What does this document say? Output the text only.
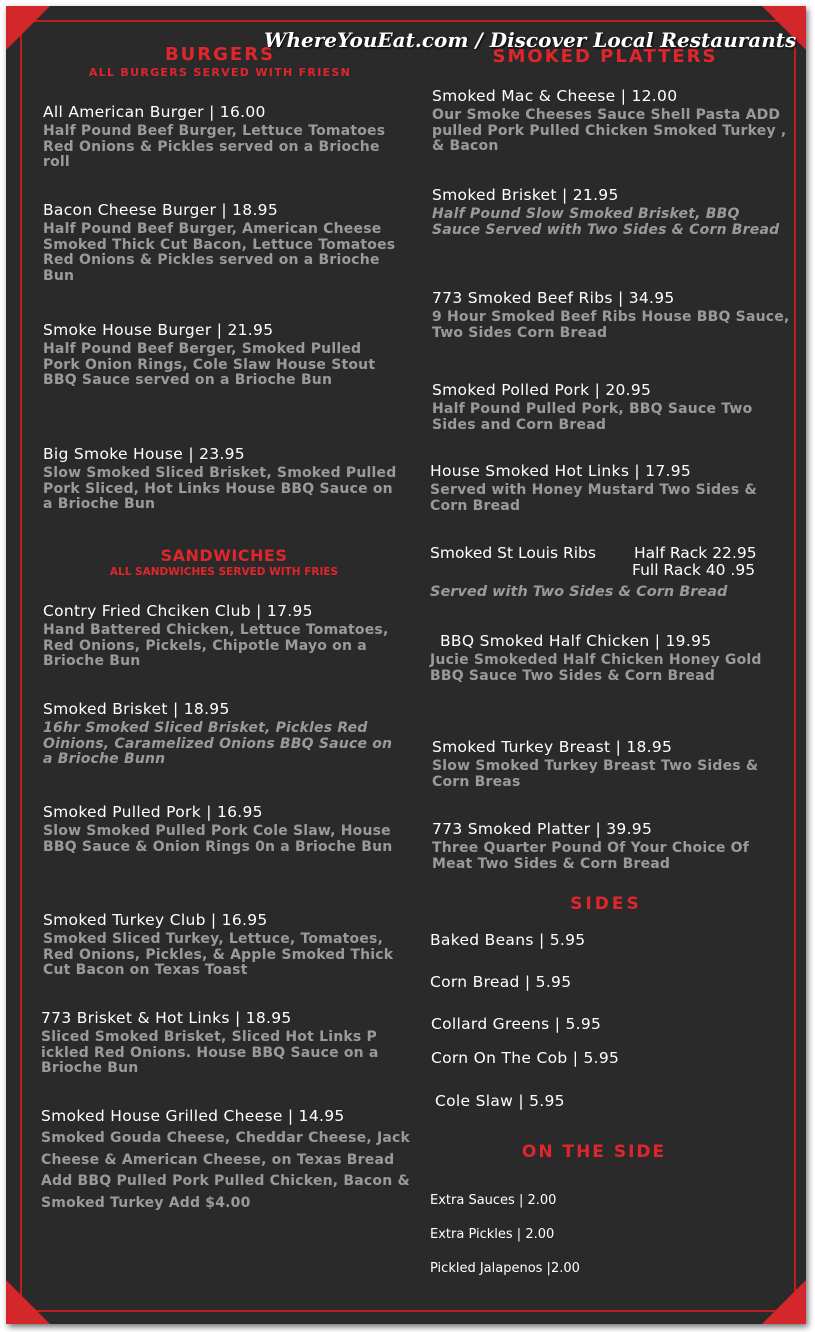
WhereYouEat.com / Discover Local Restaurants
BURGERS
ALL BURGERS SERVED WITH FRIESN
All American Burger | 16.00
Half Pound Beef Burger, Lettuce Tomatoes Red Onions & Pickles served on a Brioche roll
Bacon Cheese Burger | 18.95
Half Pound Beef Burger, American Cheese Smoked Thick Cut Bacon, Lettuce Tomatoes Red Onions & Pickles served on a Brioche Bun
Smoke House Burger | 21.95
Half Pound Beef Berger, Smoked Pulled Pork Onion Rings, Cole Slaw House Stout BBQ Sauce served on a Brioche Bun
Big Smoke House | 23.95
Slow Smoked Sliced Brisket, Smoked Pulled Pork Sliced, Hot Links House BBQ Sauce on a Brioche Bun
SANDWICHES
ALL SANDWICHES SERVED WITH FRIES
Contry Fried Chciken Club | 17.95
Hand Battered Chicken, Lettuce Tomatoes, Red Onions, Pickels, Chipotle Mayo on a Brioche Bun
Smoked Brisket | 18.95
16hr Smoked Sliced Brisket, Pickles Red Oinions, Caramelized Onions BBQ Sauce on a Brioche Bunn
Smoked Pulled Pork | 16.95
Slow Smoked Pulled Pork Cole Slaw, House BBQ Sauce & Onion Rings 0n a Brioche Bun
Smoked Turkey Club | 16.95
Smoked Sliced Turkey, Lettuce, Tomatoes, Red Onions, Pickles, & Apple Smoked Thick Cut Bacon on Texas Toast
773 Brisket & Hot Links | 18.95
Sliced Smoked Brisket, Sliced Hot Links P ickled Red Onions. House BBQ Sauce on a Brioche Bun
Smoked House Grilled Cheese | 14.95
Smoked Gouda Cheese, Cheddar Cheese, Jack Cheese & American Cheese, on Texas Bread
Add BBQ Pulled Pork Pulled Chicken, Bacon & Smoked Turkey Add $4.00
SMOKED PLATTERS
Smoked Mac & Cheese | 12.00
Our Smoke Cheeses Sauce Shell Pasta ADD pulled Pork Pulled Chicken Smoked Turkey , & Bacon
Smoked Brisket | 21.95
Half Pound Slow Smoked Brisket, BBQ Sauce Served with Two Sides & Corn Bread
773 Smoked Beef Ribs | 34.95
9 Hour Smoked Beef Ribs House BBQ Sauce, Two Sides Corn Bread
Smoked Polled Pork | 20.95
Half Pound Pulled Pork, BBQ Sauce Two Sides and Corn Bread
House Smoked Hot Links | 17.95
Served with Honey Mustard Two Sides & Corn Bread
Smoked St Louis Ribs Half Rack 22.95
Full Rack 40 .95
Served with Two Sides & Corn Bread
BBQ Smoked Half Chicken | 19.95
Jucie Smokeded Half Chicken Honey Gold BBQ Sauce Two Sides & Corn Bread
Smoked Turkey Breast | 18.95
Slow Smoked Turkey Breast Two Sides & Corn Breas
773 Smoked Platter | 39.95
Three Quarter Pound Of Your Choice Of Meat Two Sides & Corn Bread
SIDES
Baked Beans | 5.95
Corn Bread | 5.95
Collard Greens | 5.95
Corn On The Cob | 5.95
Cole Slaw | 5.95
ON THE SIDE
Extra Sauces | 2.00
Extra Pickles | 2.00
Pickled Jalapenos |2.00
